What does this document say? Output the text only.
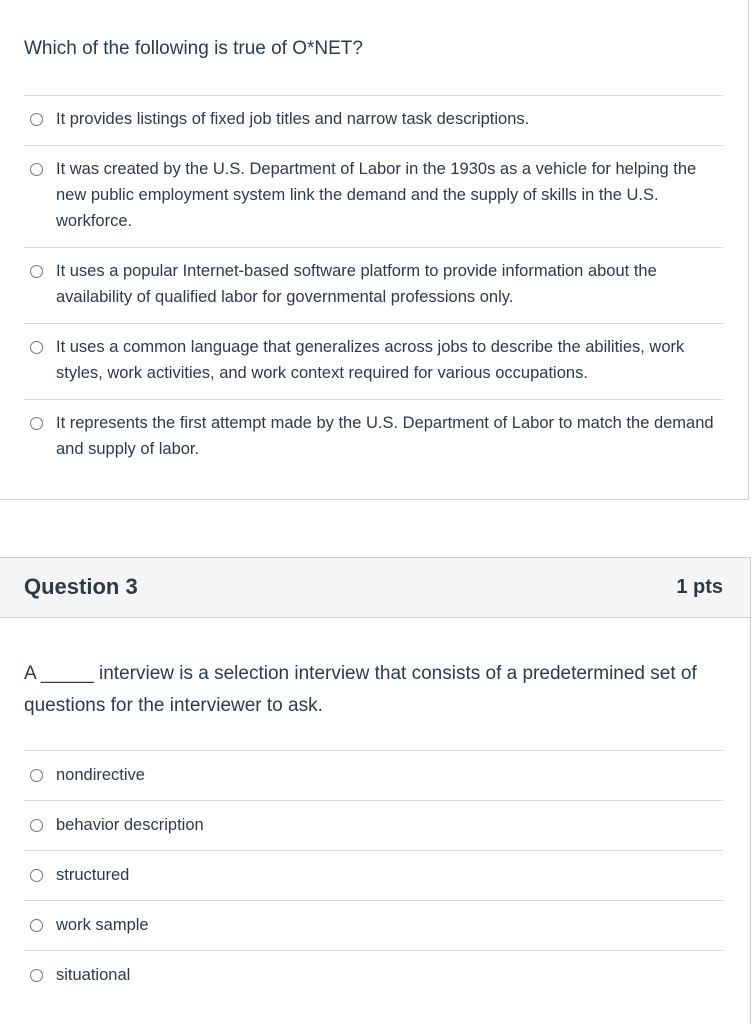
Which of the following is true of O*NET?
It provides listings of fixed job titles and narrow task descriptions.
It was created by the U.S. Department of Labor in the 1930s as a vehicle for helping the new public employment system link the demand and the supply of skills in the U.S. workforce.
It uses a popular Internet-based software platform to provide information about the availability of qualified labor for governmental professions only.
It uses a common language that generalizes across jobs to describe the abilities, work styles, work activities, and work context required for various occupations.
It represents the first attempt made by the U.S. Department of Labor to match the demand and supply of labor.
Question 3	1 pts
A _____ interview is a selection interview that consists of a predetermined set of questions for the interviewer to ask.
nondirective
behavior description
structured
work sample
situational
